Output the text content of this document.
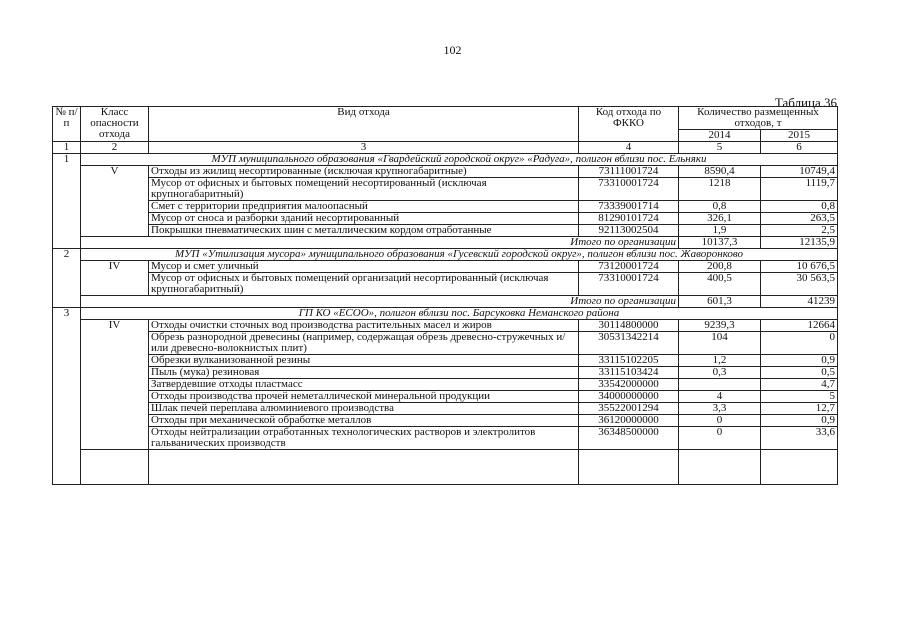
102
Таблица 36
№ п/п	Класс опасности отхода	Вид отхода	Код отхода по ФККО	Количество размещенных отходов, т	
				2014	2015
1	2	3	4	5	6
1	МУП муниципального образования «Гвардейский городской округ» «Радуга», полигон вблизи пос. Ельняки				
	V	Отходы из жилищ несортированные (исключая крупногабаритные)	73111001724	8590,4	10749,4
		Мусор от офисных и бытовых помещений несортированный (исключая крупногабаритный)	73310001724	1218	1119,7
		Смет с территории предприятия малоопасный	73339001714	0,8	0,8
		Мусор от сноса и разборки зданий несортированный	81290101724	326,1	263,5
		Покрышки пневматических шин с металлическим кордом отработанные	92113002504	1,9	2,5
	Итого по организации			10137,3	12135,9
2	МУП «Утилизация мусора» муниципального образования «Гусевский городской округ», полигон вблизи пос. Жаворонково				
	IV	Мусор и смет уличный	73120001724	200,8	10 676,5
		Мусор от офисных и бытовых помещений организаций несортированный (исключая крупногабаритный)	73310001724	400,5	30 563,5
	Итого по организации			601,3	41239
3	ГП КО «ЕСОО», полигон вблизи пос. Барсуковка Неманского района				
	IV	Отходы очистки сточных вод производства растительных масел и жиров	30114800000	9239,3	12664
		Обрезь разнородной древесины (например, содержащая обрезь древесно-стружечных и/или древесно-волокнистых плит)	30531342214	104	0
		Обрезки вулканизованной резины	33115102205	1,2	0,9
		Пыль (мука) резиновая	33115103424	0,3	0,5
		Затвердевшие отходы пластмасс	33542000000		4,7
		Отходы производства прочей неметаллической минеральной продукции	34000000000	4	5
		Шлак печей переплава алюминиевого производства	35522001294	3,3	12,7
		Отходы при механической обработке металлов	36120000000	0	0,9
		Отходы нейтрализации отработанных технологических растворов и электролитов гальванических производств	36348500000	0	33,6
